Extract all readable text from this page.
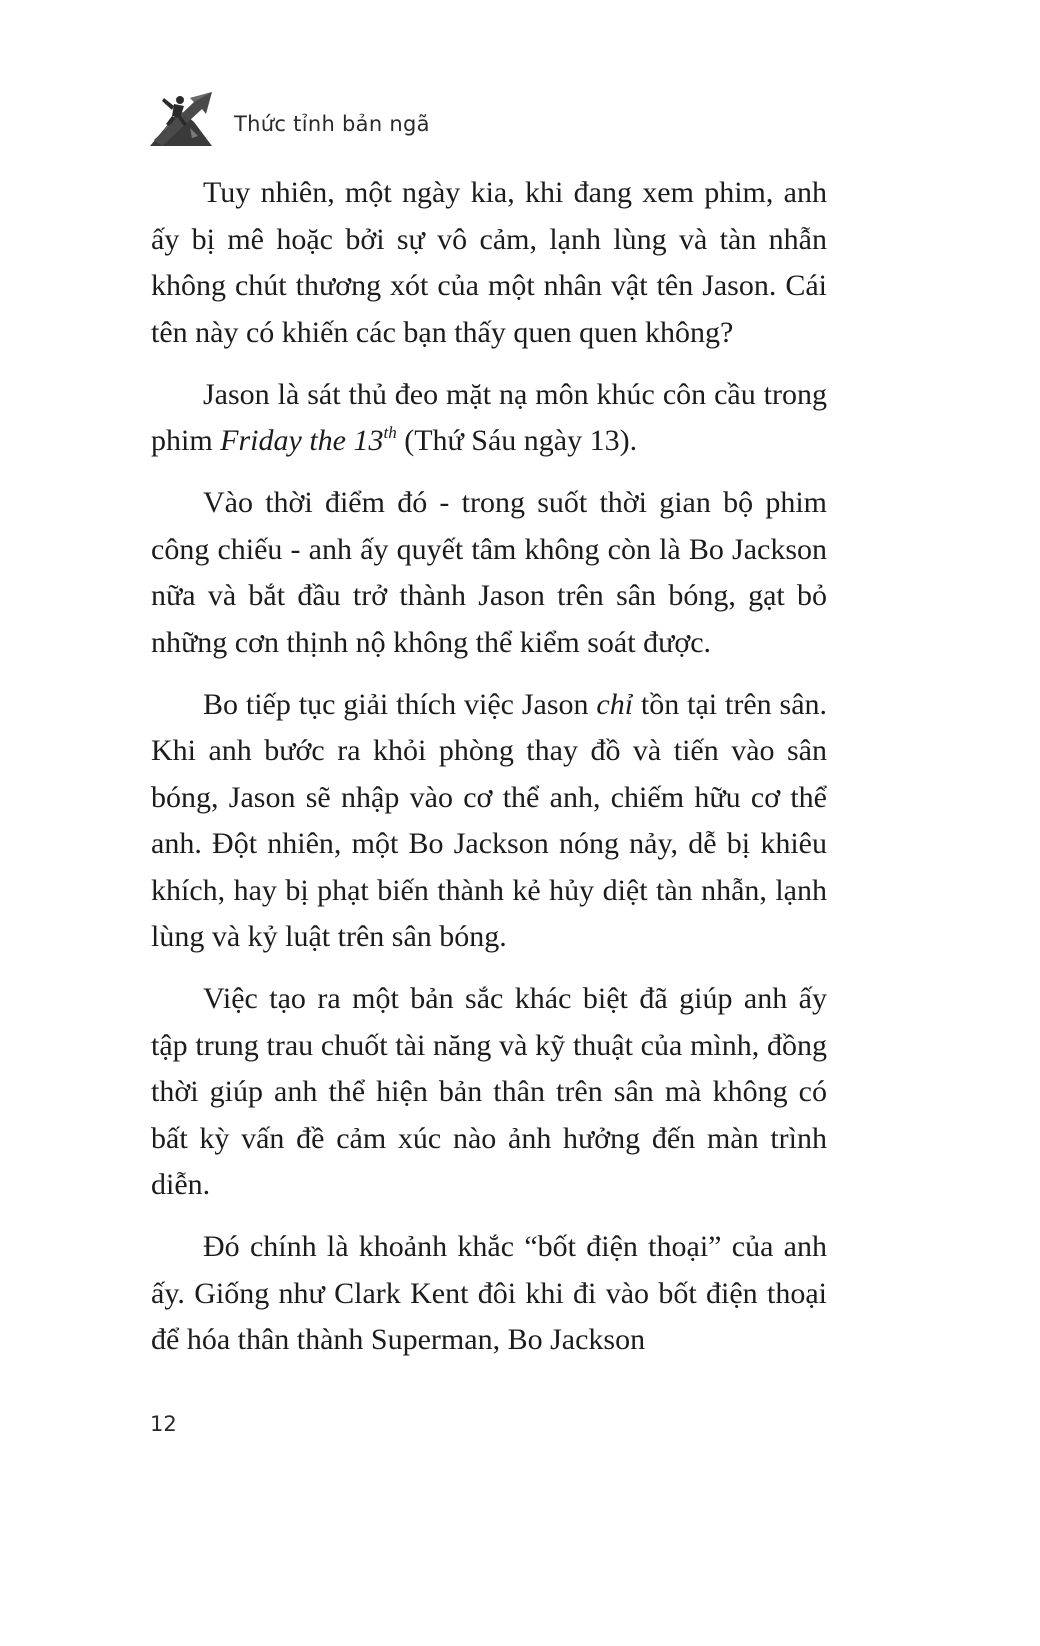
Thức tỉnh bản ngã

Tuy nhiên, một ngày kia, khi đang xem phim, anh ấy bị mê hoặc bởi sự vô cảm, lạnh lùng và tàn nhẫn không chút thương xót của một nhân vật tên Jason. Cái tên này có khiến các bạn thấy quen quen không?

Jason là sát thủ đeo mặt nạ môn khúc côn cầu trong phim Friday the 13th (Thứ Sáu ngày 13).

Vào thời điểm đó - trong suốt thời gian bộ phim công chiếu - anh ấy quyết tâm không còn là Bo Jackson nữa và bắt đầu trở thành Jason trên sân bóng, gạt bỏ những cơn thịnh nộ không thể kiểm soát được.

Bo tiếp tục giải thích việc Jason chỉ tồn tại trên sân. Khi anh bước ra khỏi phòng thay đồ và tiến vào sân bóng, Jason sẽ nhập vào cơ thể anh, chiếm hữu cơ thể anh. Đột nhiên, một Bo Jackson nóng nảy, dễ bị khiêu khích, hay bị phạt biến thành kẻ hủy diệt tàn nhẫn, lạnh lùng và kỷ luật trên sân bóng.

Việc tạo ra một bản sắc khác biệt đã giúp anh ấy tập trung trau chuốt tài năng và kỹ thuật của mình, đồng thời giúp anh thể hiện bản thân trên sân mà không có bất kỳ vấn đề cảm xúc nào ảnh hưởng đến màn trình diễn.

Đó chính là khoảnh khắc “bốt điện thoại” của anh ấy. Giống như Clark Kent đôi khi đi vào bốt điện thoại để hóa thân thành Superman, Bo Jackson

12
